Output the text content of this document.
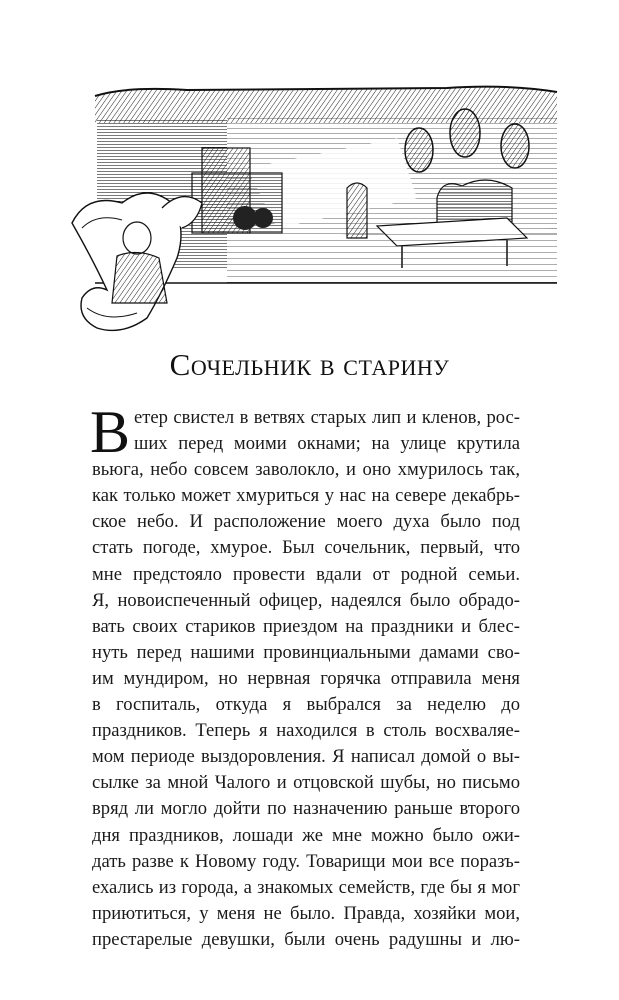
Сочельник в старину
В етер свистел в ветвях старых лип и кленов, рос-
ших перед моими окнами; на улице крутила
вьюга, небо совсем заволокло, и оно хмурилось так,
как только может хмуриться у нас на севере декабрь-
ское небо. И расположение моего духа было под
стать погоде, хмурое. Был сочельник, первый, что
мне предстояло провести вдали от родной семьи.
Я, новоиспеченный офицер, надеялся было обрадо-
вать своих стариков приездом на праздники и блес-
нуть перед нашими провинциальными дамами сво-
им мундиром, но нервная горячка отправила меня
в госпиталь, откуда я выбрался зa неделю до
праздников. Теперь я находился в столь восхваляе-
мом периоде выздоровления. Я написал домой о вы-
сылке за мной Чалого и отцовской шубы, но письмо
вряд ли могло дойти по назначению раньше второго
дня праздников, лошади же мне можно было ожи-
дать разве к Новому году. Товарищи мои все поразъ-
ехались из города, а знакомых семейств, где бы я мог
приютиться, у меня не было. Правда, хозяйки мои,
престарелые девушки, были очень радушны и лю-
